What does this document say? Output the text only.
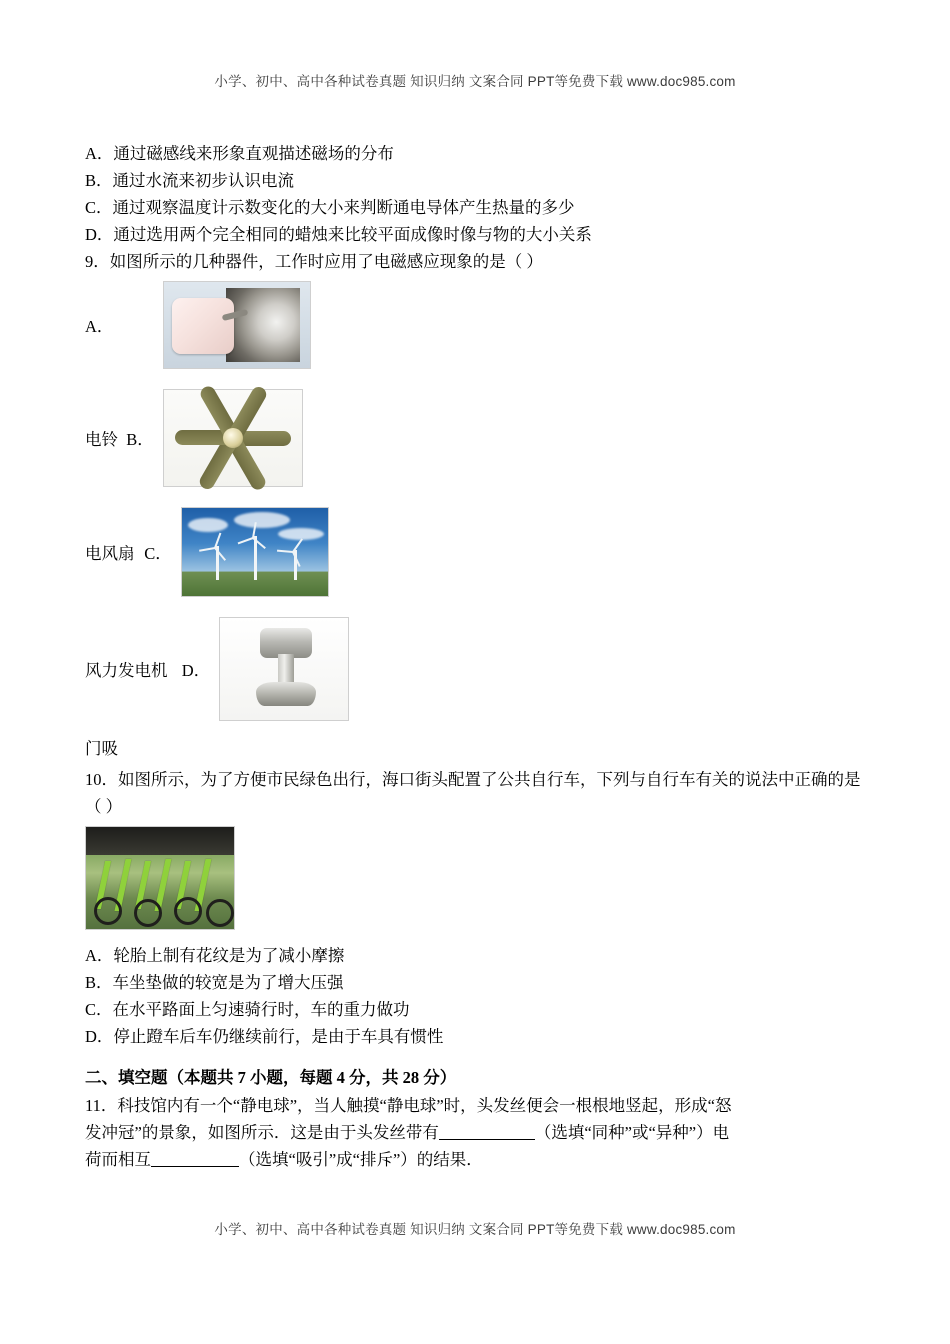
小学、初中、高中各种试卷真题 知识归纳 文案合同 PPT等免费下载 www.doc985.com
A．通过磁感线来形象直观描述磁场的分布
B．通过水流来初步认识电流
C．通过观察温度计示数变化的大小来判断通电导体产生热量的多少
D．通过选用两个完全相同的蜡烛来比较平面成像时像与物的大小关系
9．如图所示的几种器件，工作时应用了电磁感应现象的是（ ）
A．
电铃 B．
电风扇 C．
风力发电机 D．
门吸
10．如图所示，为了方便市民绿色出行，海口街头配置了公共自行车，下列与自行车有关的说法中正确的是（ ）
A．轮胎上制有花纹是为了减小摩擦
B．车坐垫做的较宽是为了增大压强
C．在水平路面上匀速骑行时，车的重力做功
D．停止蹬车后车仍继续前行，是由于车具有惯性
二、填空题（本题共 7 小题，每题 4 分，共 28 分）
11．科技馆内有一个“静电球”，当人触摸“静电球”时，头发丝便会一根根地竖起，形成“怒
发冲冠”的景象，如图所示．这是由于头发丝带有	（选填“同种”或“异种”）电
荷而相互	（选填“吸引”成“排斥”）的结果．
小学、初中、高中各种试卷真题 知识归纳 文案合同 PPT等免费下载 www.doc985.com
